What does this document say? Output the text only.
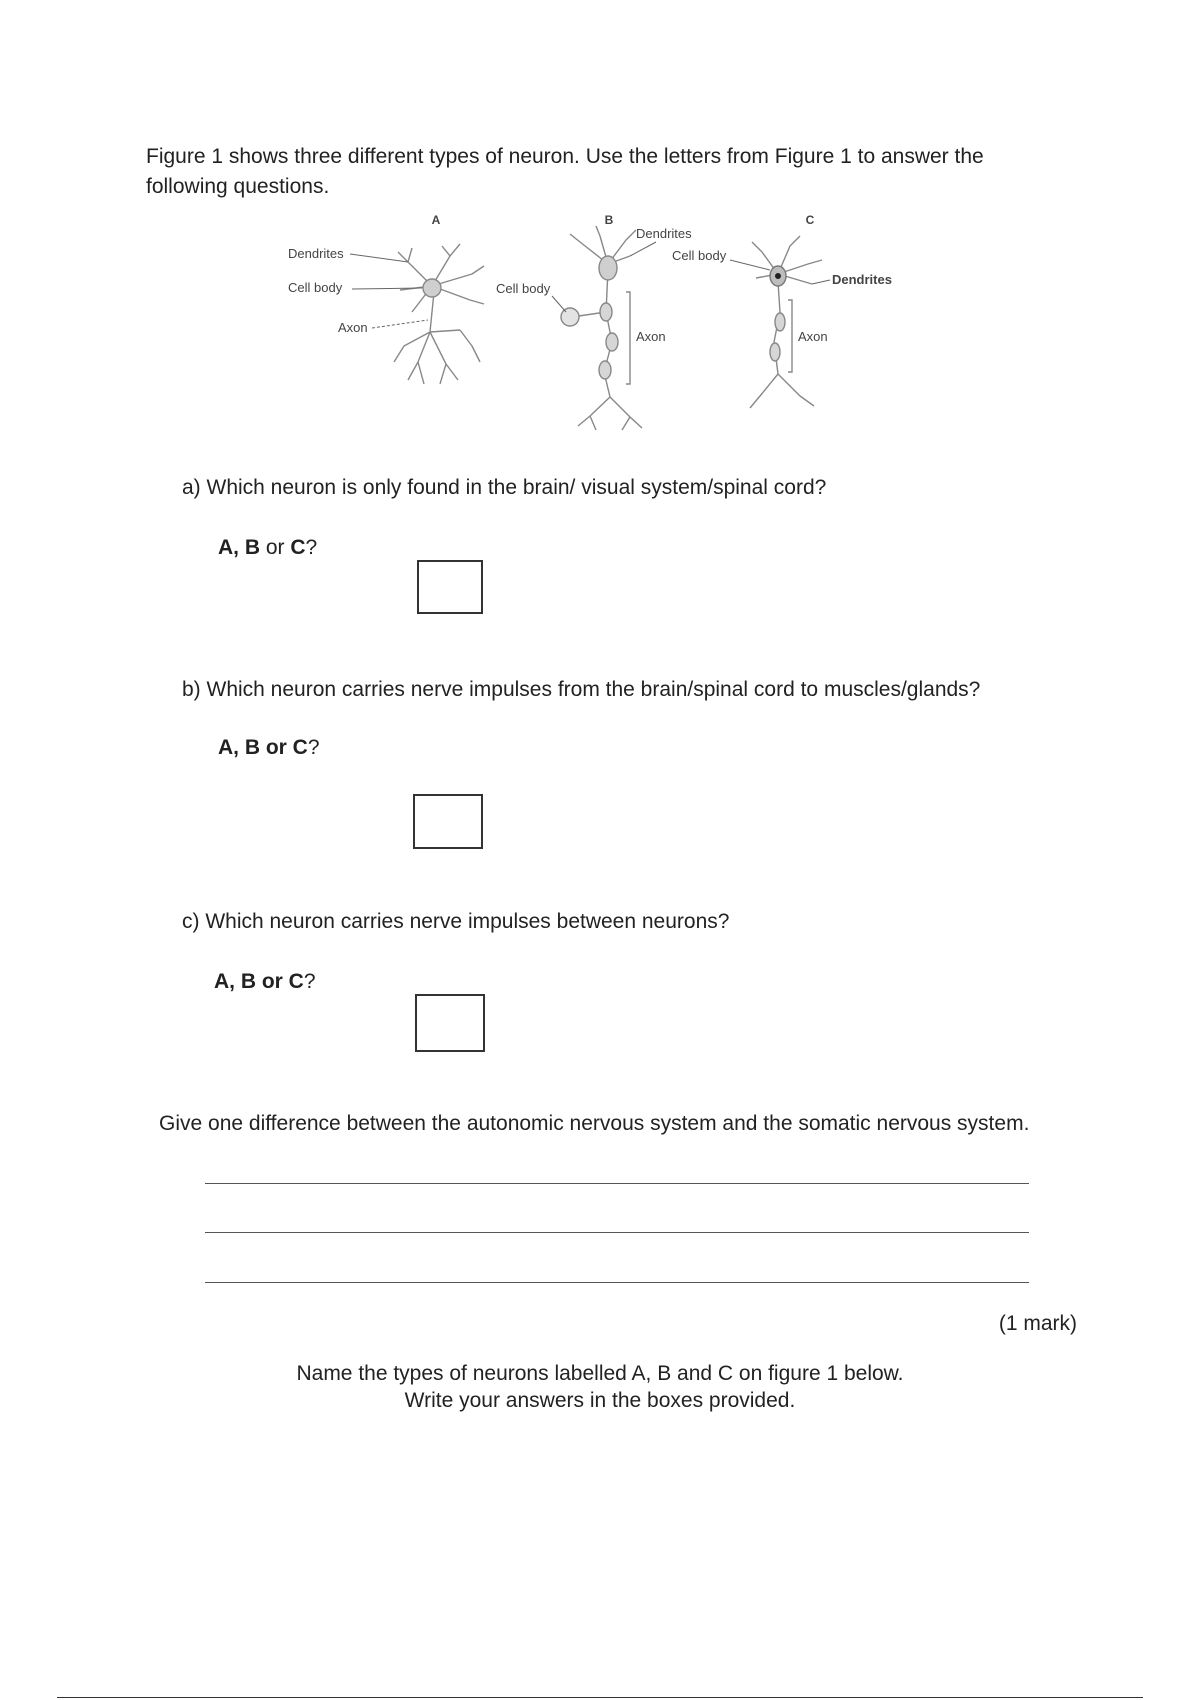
Figure 1 shows three different types of neuron. Use the letters from Figure 1 to answer the following questions.
A	B	C
Dendrites
Cell body
Axon
Dendrites
Cell body
Axon
Cell body
Dendrites
Axon
a) Which neuron is only found in the brain/ visual system/spinal cord?
A, B or C?
b) Which neuron carries nerve impulses from the brain/spinal cord to muscles/glands?
A, B or C?
c) Which neuron carries nerve impulses between neurons?
A, B or C?
Give one difference between the autonomic nervous system and the somatic nervous system.
(1 mark)
Name the types of neurons labelled A, B and C on figure 1 below.
Write your answers in the boxes provided.
